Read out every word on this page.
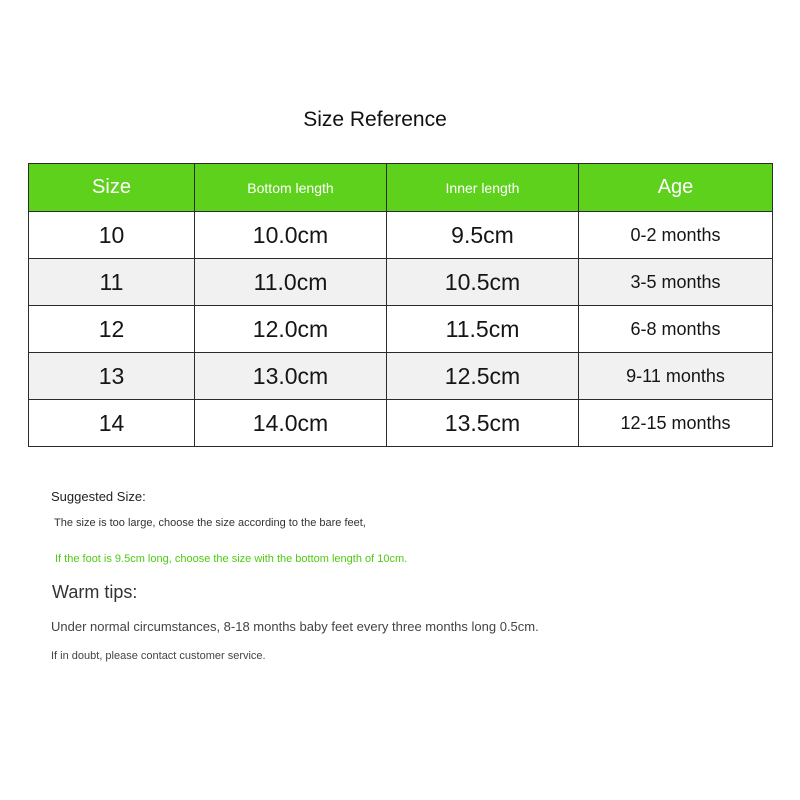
Size Reference
Size	Bottom length	Inner length	Age
10	10.0cm	9.5cm	0-2 months
11	11.0cm	10.5cm	3-5 months
12	12.0cm	11.5cm	6-8 months
13	13.0cm	12.5cm	9-11 months
14	14.0cm	13.5cm	12-15 months
Suggested Size:
The size is too large, choose the size according to the bare feet,
If the foot is 9.5cm long, choose the size with the bottom length of 10cm.
Warm tips:
Under normal circumstances, 8-18 months baby feet every three months long 0.5cm.
If in doubt, please contact customer service.
